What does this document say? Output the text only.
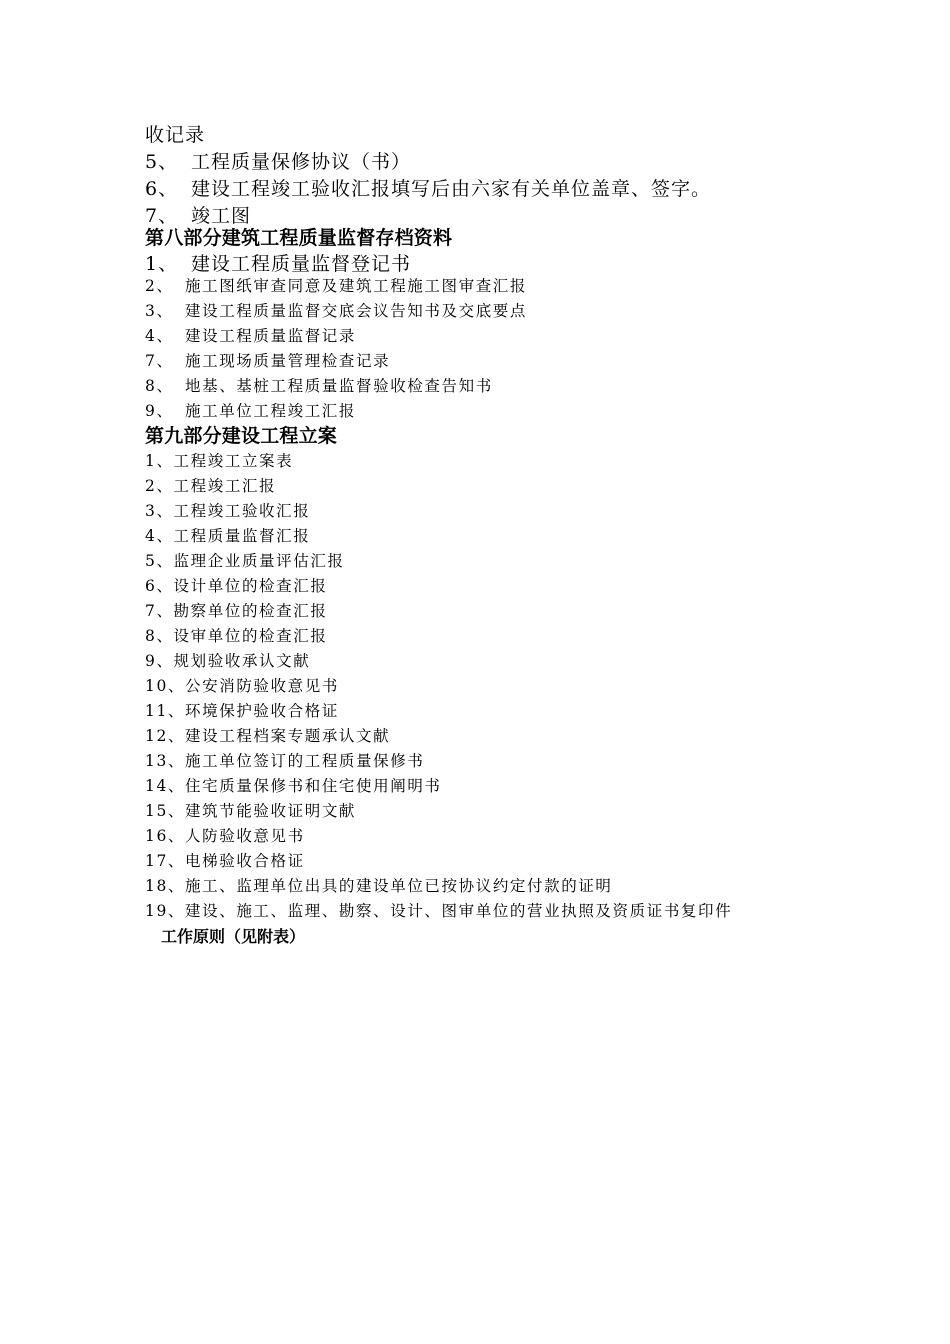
收记录

5、 工程质量保修协议（书）

6、 建设工程竣工验收汇报填写后由六家有关单位盖章、签字。

7、 竣工图

第八部分建筑工程质量监督存档资料

1、 建设工程质量监督登记书

2、 施工图纸审查同意及建筑工程施工图审查汇报

3、 建设工程质量监督交底会议告知书及交底要点

4、 建设工程质量监督记录

7、 施工现场质量管理检查记录

8、 地基、基桩工程质量监督验收检查告知书

9、 施工单位工程竣工汇报

第九部分建设工程立案

1、工程竣工立案表

2、工程竣工汇报

3、工程竣工验收汇报

4、工程质量监督汇报

5、监理企业质量评估汇报

6、设计单位的检查汇报

7、勘察单位的检查汇报

8、设审单位的检查汇报

9、规划验收承认文献

10、公安消防验收意见书

11、环境保护验收合格证

12、建设工程档案专题承认文献

13、施工单位签订的工程质量保修书

14、住宅质量保修书和住宅使用阐明书

15、建筑节能验收证明文献

16、人防验收意见书

17、电梯验收合格证

18、施工、监理单位出具的建设单位已按协议约定付款的证明

19、建设、施工、监理、勘察、设计、图审单位的营业执照及资质证书复印件

工作原则（见附表）
